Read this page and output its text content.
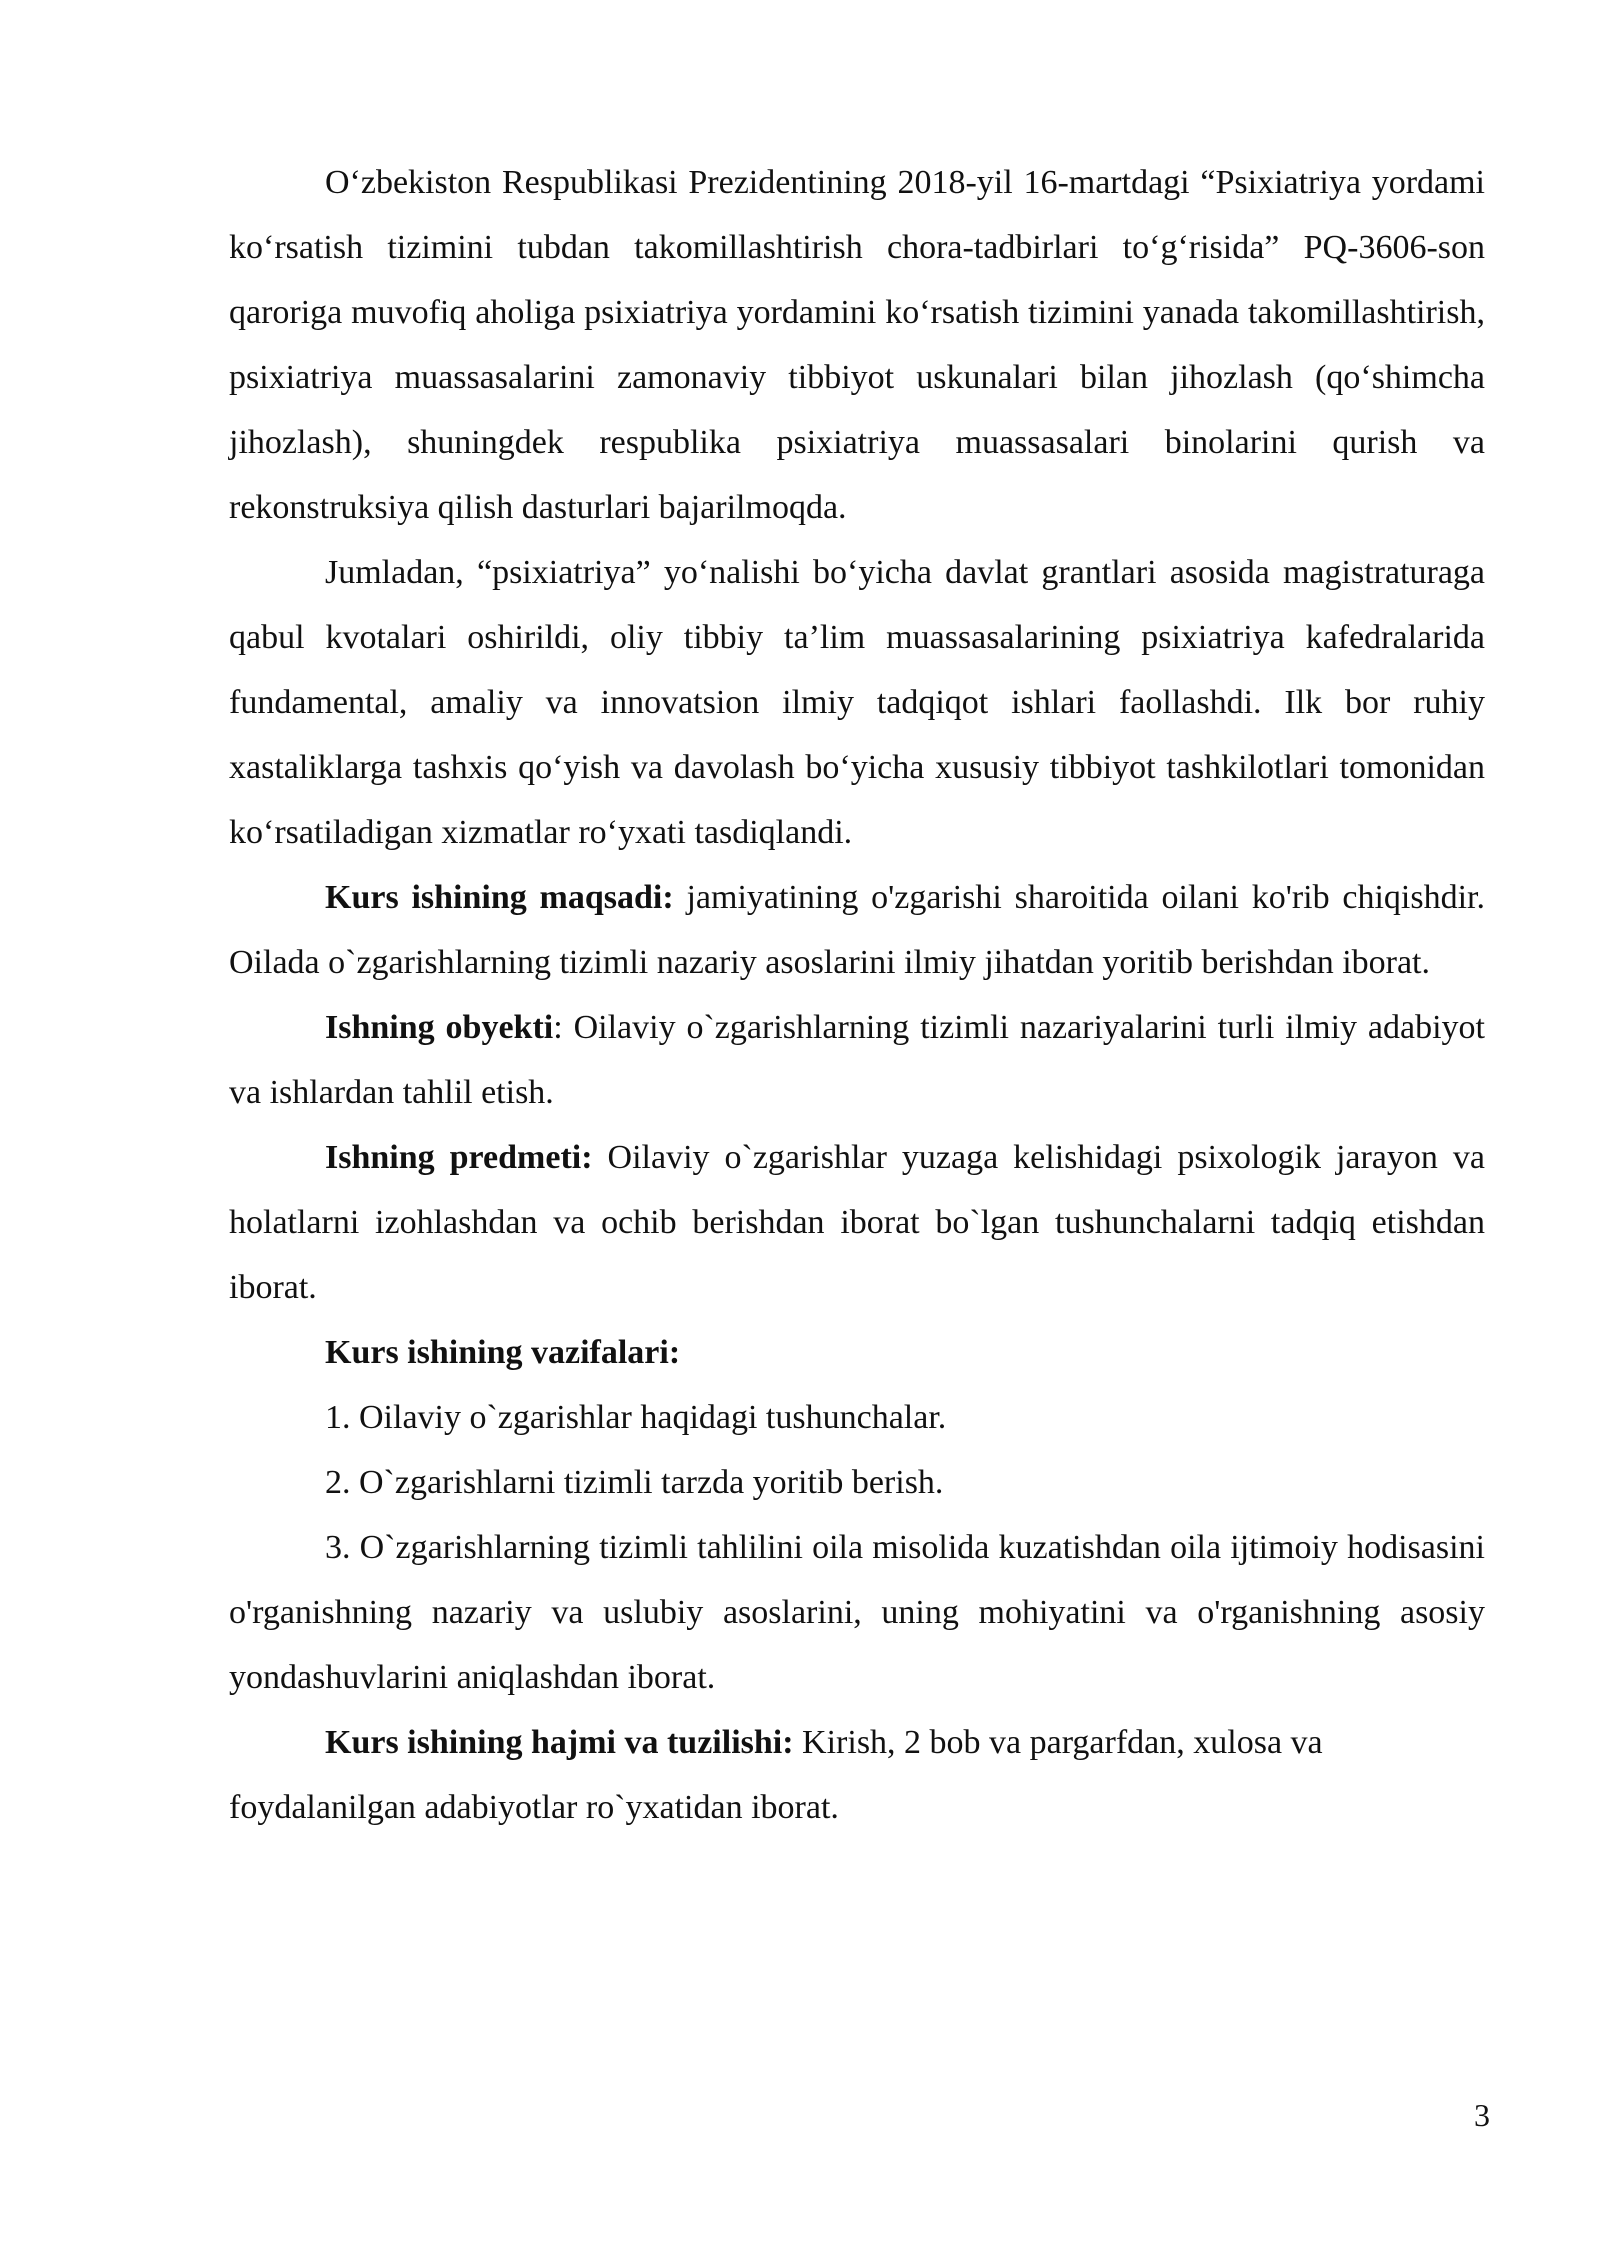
O‘zbekiston Respublikasi Prezidentining 2018-yil 16-martdagi “Psixiatriya yordami ko‘rsatish tizimini tubdan takomillashtirish chora-tadbirlari to‘g‘risida” PQ-3606-son qaroriga muvofiq aholiga psixiatriya yordamini ko‘rsatish tizimini yanada takomillashtirish, psixiatriya muassasalarini zamonaviy tibbiyot uskunalari bilan jihozlash (qo‘shimcha jihozlash), shuningdek respublika psixiatriya muassasalari binolarini qurish va rekonstruksiya qilish dasturlari bajarilmoqda.

Jumladan, “psixiatriya” yo‘nalishi bo‘yicha davlat grantlari asosida magistraturaga qabul kvotalari oshirildi, oliy tibbiy ta’lim muassasalarining psixiatriya kafedralarida fundamental, amaliy va innovatsion ilmiy tadqiqot ishlari faollashdi. Ilk bor ruhiy xastaliklarga tashxis qo‘yish va davolash bo‘yicha xususiy tibbiyot tashkilotlari tomonidan ko‘rsatiladigan xizmatlar ro‘yxati tasdiqlandi.

Kurs ishining maqsadi: jamiyatining o'zgarishi sharoitida oilani ko'rib chiqishdir. Oilada o`zgarishlarning tizimli nazariy asoslarini ilmiy jihatdan yoritib berishdan iborat.

Ishning obyekti: Oilaviy o`zgarishlarning tizimli nazariyalarini turli ilmiy adabiyot va ishlardan tahlil etish.

Ishning predmeti: Oilaviy o`zgarishlar yuzaga kelishidagi psixologik jarayon va holatlarni izohlashdan va ochib berishdan iborat bo`lgan tushunchalarni tadqiq etishdan iborat.

Kurs ishining vazifalari:

1. Oilaviy o`zgarishlar haqidagi tushunchalar.

2. O`zgarishlarni tizimli tarzda yoritib berish.

3. O`zgarishlarning tizimli tahlilini oila misolida kuzatishdan oila ijtimoiy hodisasini o'rganishning nazariy va uslubiy asoslarini, uning mohiyatini va o'rganishning asosiy yondashuvlarini aniqlashdan iborat.

Kurs ishining hajmi va tuzilishi: Kirish, 2 bob va pargarfdan, xulosa va foydalanilgan adabiyotlar ro`yxatidan iborat.

3
